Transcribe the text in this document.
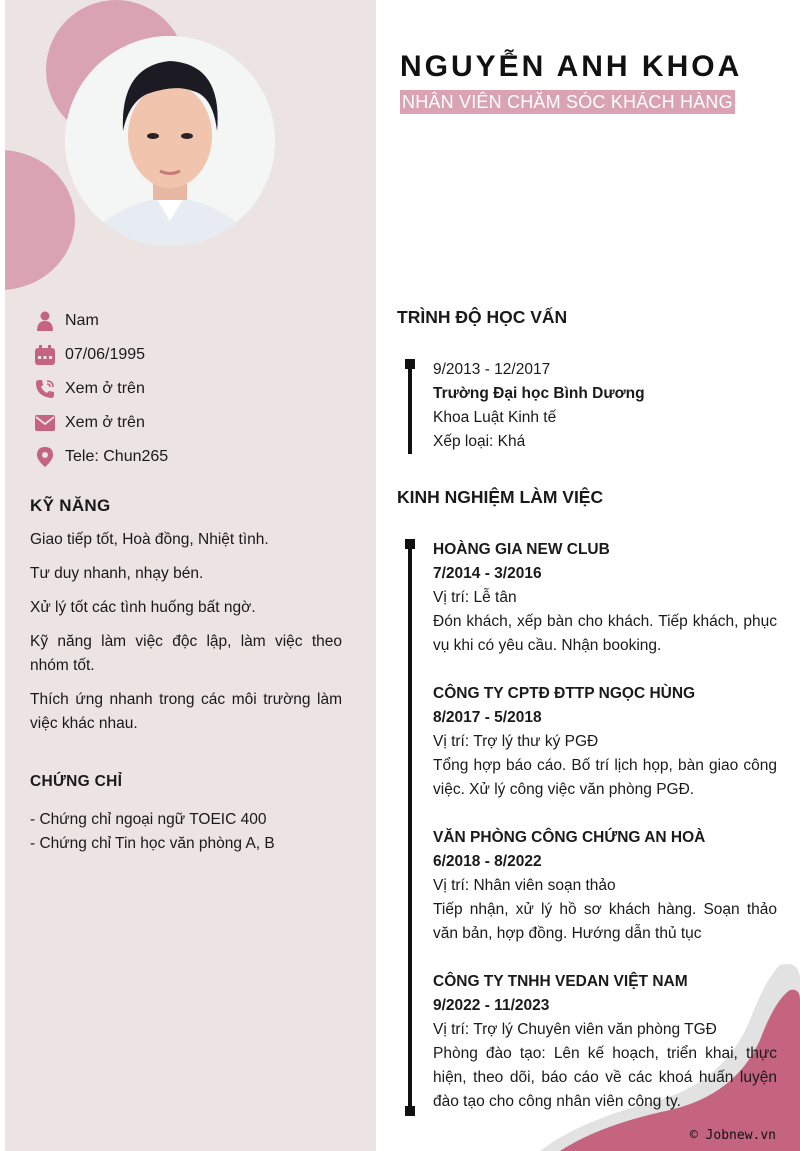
Nam
07/06/1995
Xem ở trên
Xem ở trên
Tele: Chun265
KỸ NĂNG

Giao tiếp tốt, Hoà đồng, Nhiệt tình.

Tư duy nhanh, nhạy bén.

Xử lý tốt các tình huống bất ngờ.

Kỹ năng làm việc độc lập, làm việc theo nhóm tốt.

Thích ứng nhanh trong các môi trường làm việc khác nhau.

CHỨNG CHỈ
- Chứng chỉ ngoại ngữ TOEIC 400
- Chứng chỉ Tin học văn phòng A, B
NGUYỄN ANH KHOA
NHÂN VIÊN CHĂM SÓC KHÁCH HÀNG
TRÌNH ĐỘ HỌC VẤN
9/2013 - 12/2017
Trường Đại học Bình Dương
Khoa Luật Kinh tế
Xếp loại: Khá
KINH NGHIỆM LÀM VIỆC
HOÀNG GIA NEW CLUB
7/2014 - 3/2016
Vị trí: Lễ tân
Đón khách, xếp bàn cho khách. Tiếp khách, phục vụ khi có yêu cầu. Nhận booking.
CÔNG TY CPTĐ ĐTTP NGỌC HÙNG
8/2017 - 5/2018
Vị trí: Trợ lý thư ký PGĐ
Tổng hợp báo cáo. Bố trí lịch họp, bàn giao công việc. Xử lý công việc văn phòng PGĐ.
VĂN PHÒNG CÔNG CHỨNG AN HOÀ
6/2018 - 8/2022
Vị trí: Nhân viên soạn thảo
Tiếp nhận, xử lý hồ sơ khách hàng. Soạn thảo văn bản, hợp đồng. Hướng dẫn thủ tục
CÔNG TY TNHH VEDAN VIỆT NAM
9/2022 - 11/2023
Vị trí: Trợ lý Chuyên viên văn phòng TGĐ
Phòng đào tạo: Lên kế hoạch, triển khai, thực hiện, theo dõi, báo cáo về các khoá huấn luyện đào tạo cho công nhân viên công ty.
© Jobnew.vn
